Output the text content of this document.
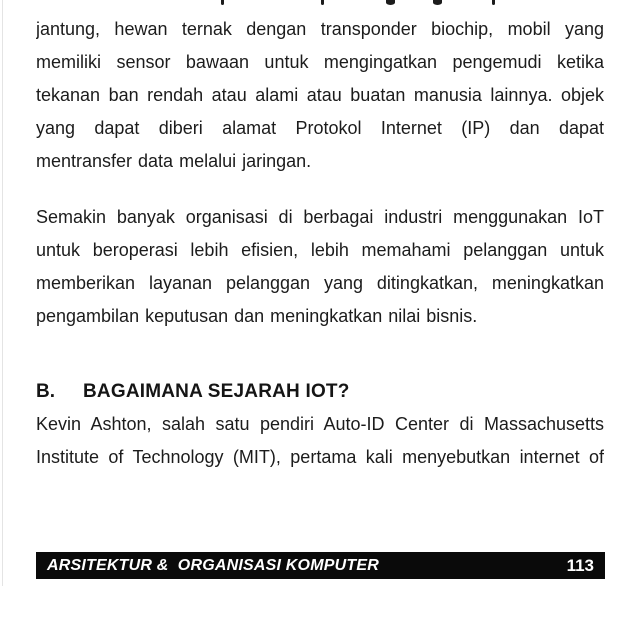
jantung, hewan ternak dengan transponder biochip, mobil yang
memiliki sensor bawaan untuk mengingatkan pengemudi ketika
tekanan ban rendah atau alami atau buatan manusia lainnya. objek
yang dapat diberi alamat Protokol Internet (IP) dan dapat
mentransfer data melalui jaringan.
Semakin banyak organisasi di berbagai industri menggunakan IoT
untuk beroperasi lebih efisien, lebih memahami pelanggan untuk
memberikan layanan pelanggan yang ditingkatkan, meningkatkan
pengambilan keputusan dan meningkatkan nilai bisnis.
B.	BAGAIMANA SEJARAH IOT?
Kevin Ashton, salah satu pendiri Auto-ID Center di Massachusetts
Institute of Technology (MIT), pertama kali menyebutkan internet of
ARSITEKTUR &  ORGANISASI KOMPUTER	113
